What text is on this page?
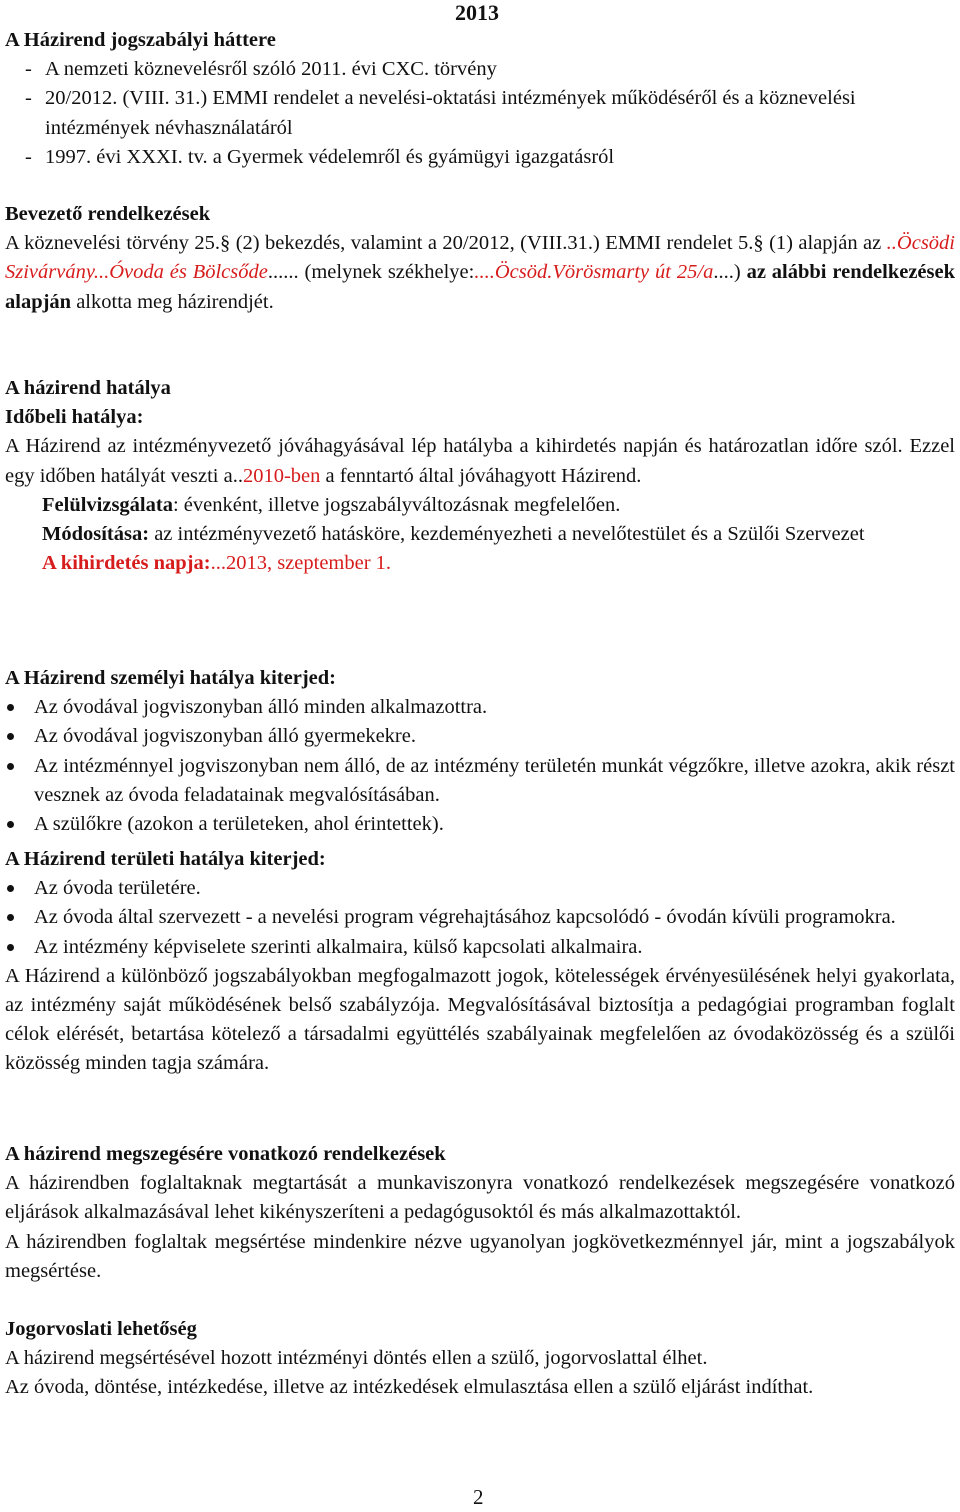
2013
A Házirend jogszabályi háttere
- A nemzeti köznevelésről szóló 2011. évi CXC. törvény
- 20/2012. (VIII. 31.) EMMI rendelet a nevelési-oktatási intézmények működéséről és a köznevelési intézmények névhasználatáról
- 1997. évi XXXI. tv. a Gyermek védelemről és gyámügyi igazgatásról
Bevezető rendelkezések
A köznevelési törvény 25.§ (2) bekezdés, valamint a 20/2012, (VIII.31.) EMMI rendelet 5.§ (1) alapján az ..Öcsödi Szivárvány...Óvoda és Bölcsőde...... (melynek székhelye:....Öcsöd.Vörösmarty út 25/a....) az alábbi rendelkezések alapján alkotta meg házirendjét.
A házirend hatálya
Időbeli hatálya:
A Házirend az intézményvezető jóváhagyásával lép hatályba a kihirdetés napján és határozatlan időre szól. Ezzel egy időben hatályát veszti a..2010-ben a fenntartó által jóváhagyott Házirend.
Felülvizsgálata: évenként, illetve jogszabályváltozásnak megfelelően.
Módosítása: az intézményvezető hatásköre, kezdeményezheti a nevelőtestület és a Szülői Szervezet
A kihirdetés napja:...2013, szeptember 1.
A Házirend személyi hatálya kiterjed:
Az óvodával jogviszonyban álló minden alkalmazottra.
Az óvodával jogviszonyban álló gyermekekre.
Az intézménnyel jogviszonyban nem álló, de az intézmény területén munkát végzőkre, illetve azokra, akik részt vesznek az óvoda feladatainak megvalósításában.
A szülőkre (azokon a területeken, ahol érintettek).
A Házirend területi hatálya kiterjed:
Az óvoda területére.
Az óvoda által szervezett - a nevelési program végrehajtásához kapcsolódó - óvodán kívüli programokra.
Az intézmény képviselete szerinti alkalmaira, külső kapcsolati alkalmaira.
A Házirend a különböző jogszabályokban megfogalmazott jogok, kötelességek érvényesülésének helyi gyakorlata, az intézmény saját működésének belső szabályzója. Megvalósításával biztosítja a pedagógiai programban foglalt célok elérését, betartása kötelező a társadalmi együttélés szabályainak megfelelően az óvodaközösség és a szülői közösség minden tagja számára.
A házirend megszegésére vonatkozó rendelkezések
A házirendben foglaltaknak megtartását a munkaviszonyra vonatkozó rendelkezések megszegésére vonatkozó eljárások alkalmazásával lehet kikényszeríteni a pedagógusoktól és más alkalmazottaktól.
A házirendben foglaltak megsértése mindenkire nézve ugyanolyan jogkövetkezménnyel jár, mint a jogszabályok megsértése.
Jogorvoslati lehetőség
A házirend megsértésével hozott intézményi döntés ellen a szülő, jogorvoslattal élhet.
Az óvoda, döntése, intézkedése, illetve az intézkedések elmulasztása ellen a szülő eljárást indíthat.
2
